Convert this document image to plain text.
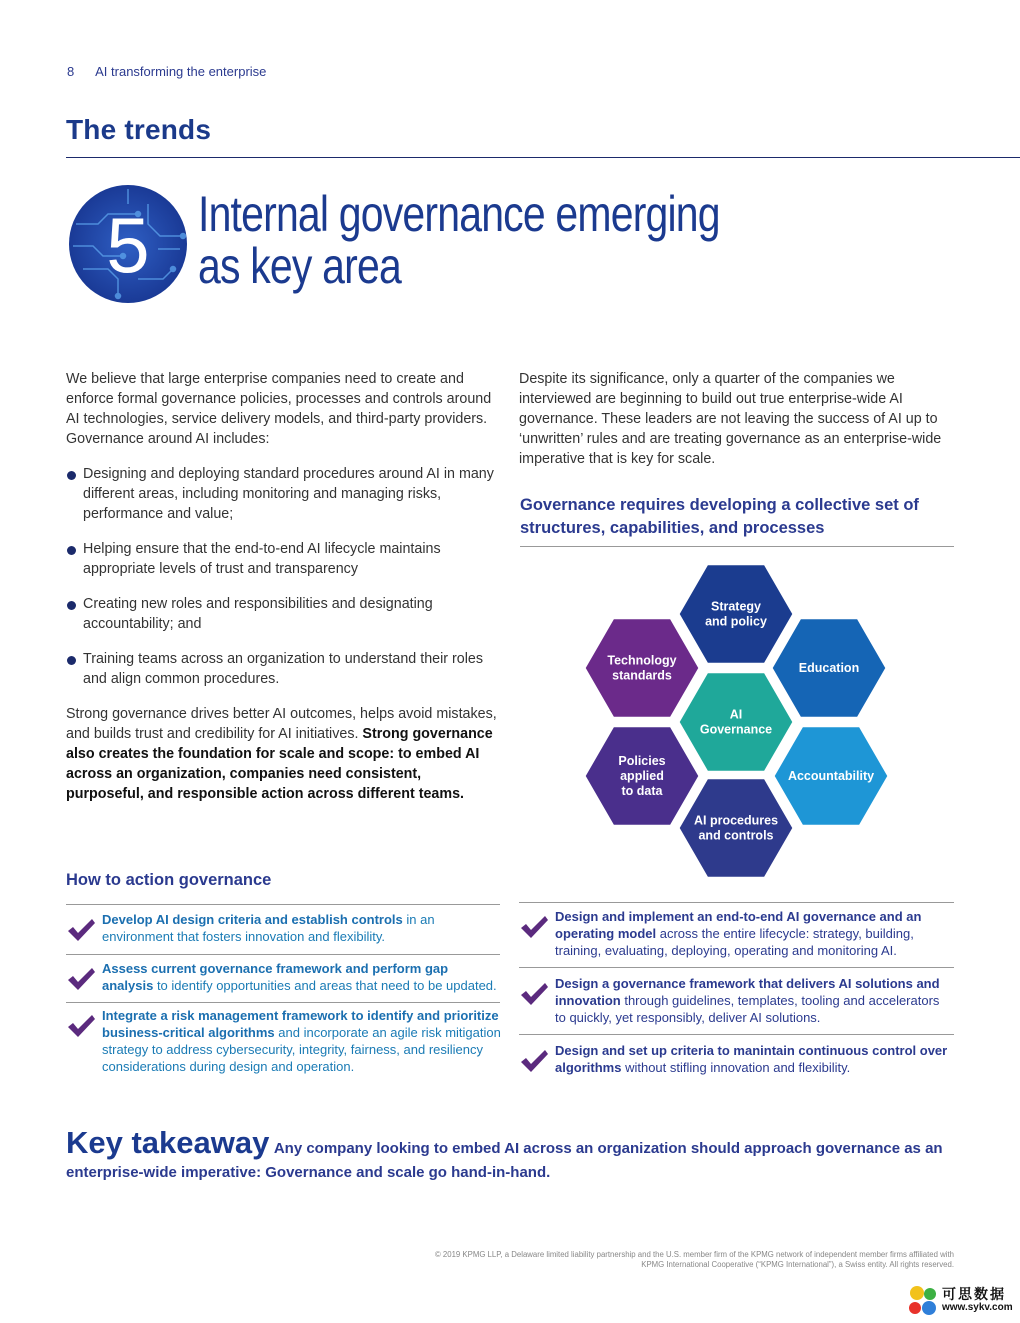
8 AI transforming the enterprise
The trends
5 Internal governance emerging
as key area
We believe that large enterprise companies need to create and enforce formal governance policies, processes and controls around AI technologies, service delivery models, and third-party providers. Governance around AI includes:
Designing and deploying standard procedures around AI in many different areas, including monitoring and managing risks, performance and value;
Helping ensure that the end-to-end AI lifecycle maintains appropriate levels of trust and transparency
Creating new roles and responsibilities and designating accountability; and
Training teams across an organization to understand their roles and align common procedures.
Strong governance drives better AI outcomes, helps avoid mistakes, and builds trust and credibility for AI initiatives. Strong governance also creates the foundation for scale and scope: to embed AI across an organization, companies need consistent, purposeful, and responsible action across different teams.
Despite its significance, only a quarter of the companies we interviewed are beginning to build out true enterprise-wide AI governance. These leaders are not leaving the success of AI up to ‘unwritten’ rules and are treating governance as an enterprise-wide imperative that is key for scale.
Governance requires developing a collective set of structures, capabilities, and processes
AI
Governance
Strategy
and policy
Education
Accountability
AI procedures
and controls
Policies
applied
to data
Technology
standards
How to action governance
Develop AI design criteria and establish controls in an environment that fosters innovation and flexibility.
Assess current governance framework and perform gap analysis to identify opportunities and areas that need to be updated.
Integrate a risk management framework to identify and prioritize business-critical algorithms and incorporate an agile risk mitigation strategy to address cybersecurity, integrity, fairness, and resiliency considerations during design and operation.
Design and implement an end-to-end AI governance and an operating model across the entire lifecycle: strategy, building, training, evaluating, deploying, operating and monitoring AI.
Design a governance framework that delivers AI solutions and innovation through guidelines, templates, tooling and accelerators to quickly, yet responsibly, deliver AI solutions.
Design and set up criteria to manintain continuous control over algorithms without stifling innovation and flexibility.
Key takeaway Any company looking to embed AI across an organization should approach governance as an enterprise-wide imperative: Governance and scale go hand-in-hand.
© 2019 KPMG LLP, a Delaware limited liability partnership and the U.S. member firm of the KPMG network of independent member firms affiliated with
KPMG International Cooperative (“KPMG International”), a Swiss entity. All rights reserved.
可思数据
www.sykv.com
